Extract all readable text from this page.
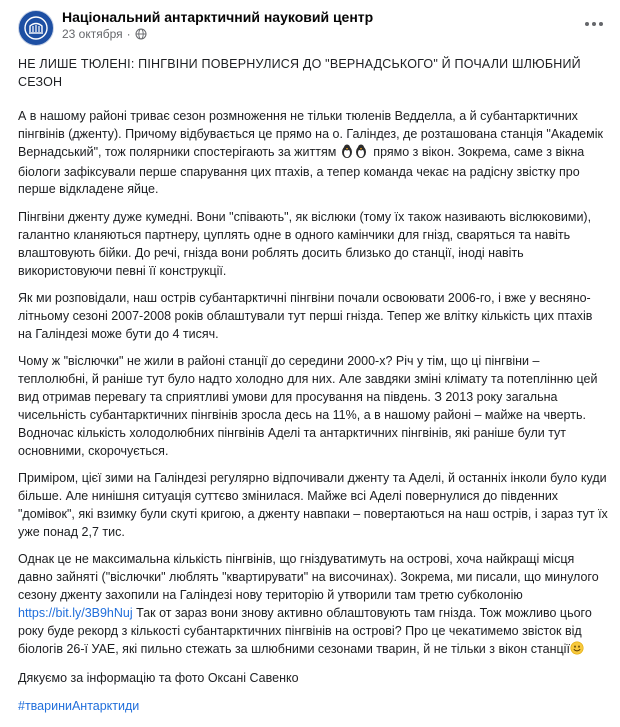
Національний антарктичний науковий центр
23 октября ·
НЕ ЛИШЕ ТЮЛЕНІ: ПІНГВІНИ ПОВЕРНУЛИСЯ ДО "ВЕРНАДСЬКОГО" Й ПОЧАЛИ ШЛЮБНИЙ СЕЗОН

А в нашому районі триває сезон розмноження не тільки тюленів Ведделла, а й субантарктичних пінгвінів (дженту). Причому відбувається це прямо на о. Галіндез, де розташована станція "Академік Вернадський", тож полярники спостерігають за життям	прямо з вікон. Зокрема, саме з вікна біологи зафіксували перше спарування цих птахів, а тепер команда чекає на радісну звістку про перше відкладене яйце.

Пінгвіни дженту дуже кумедні. Вони "співають", як віслюки (тому їх також називають віслюковими), галантно кланяються партнеру, цуплять одне в одного камінчики для гнізд, сваряться та навіть влаштовують бійки. До речі, гнізда вони роблять досить близько до станції, іноді навіть використовуючи певні її конструкції.

Як ми розповідали, наш острів субантарктичні пінгвіни почали освоювати 2006-го, і вже у весняно-літньому сезоні 2007-2008 років облаштували тут перші гнізда. Тепер же влітку кількість цих птахів на Галіндезі може бути до 4 тисяч.

Чому ж "віслючки" не жили в районі станції до середини 2000-х? Річ у тім, що ці пінгвіни – теплолюбні, й раніше тут було надто холодно для них. Але завдяки зміні клімату та потеплінню цей вид отримав перевагу та сприятливі умови для просування на південь. З 2013 року загальна чисельність субантарктичних пінгвінів зросла десь на 11%, а в нашому районі – майже на чверть. Водночас кількість холодолюбних пінгвінів Аделі та антарктичних пінгвінів, які раніше були тут основними, скорочується.

Приміром, цієї зими на Галіндезі регулярно відпочивали дженту та Аделі, й останніх інколи було куди більше. Але нинішня ситуація суттєво змінилася. Майже всі Аделі повернулися до південних "домівок", які взимку були скуті кригою, а дженту навпаки – повертаються на наш острів, і зараз тут їх уже понад 2,7 тис.

Однак це не максимальна кількість пінгвінів, що гніздуватимуть на острові, хоча найкращі місця давно зайняті ("віслючки" люблять "квартирувати" на височинах). Зокрема, ми писали, що минулого сезону дженту захопили на Галіндезі нову територію й утворили там третю субколонію https://bit.ly/3B9hNuj Так от зараз вони знову активно облаштовують там гнізда. Тож можливо цього року буде рекорд з кількості субантарктичних пінгвінів на острові? Про це чекатимемо звісток від біологів 26-ї УАЕ, які пильно стежать за шлюбними сезонами тварин, й не тільки з вікон станції

Дякуємо за інформацію та фото Оксані Савенко

#твариниАнтарктиди
